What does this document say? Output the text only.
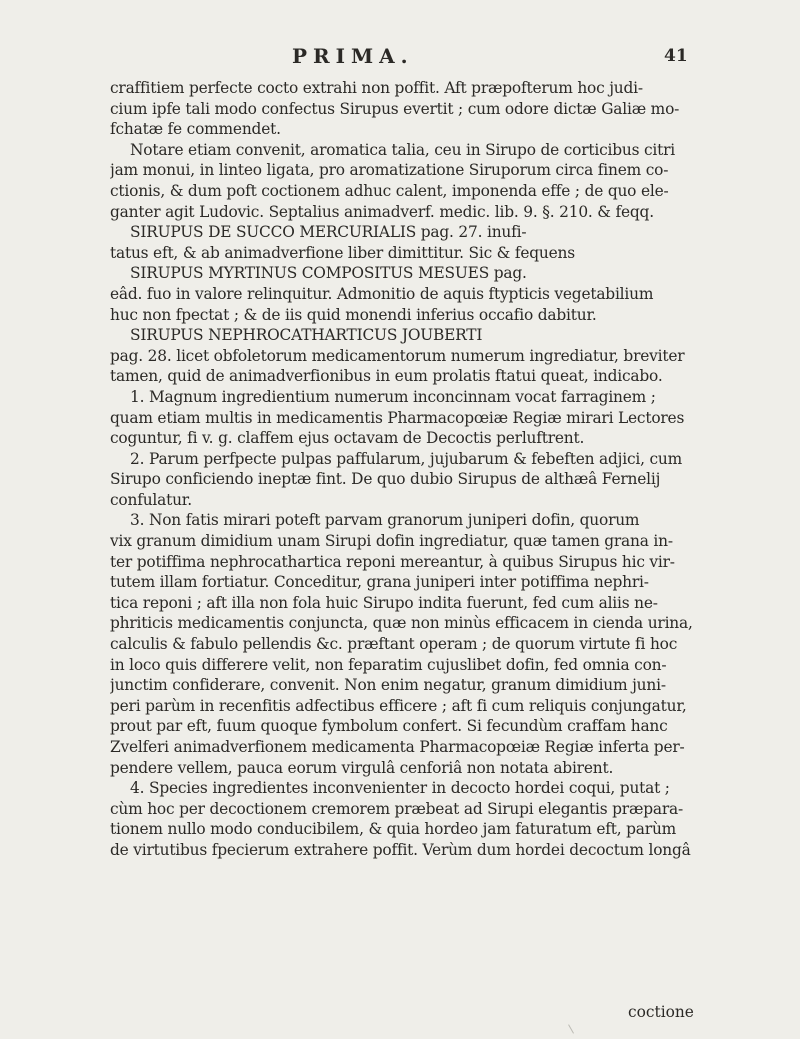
PRIMA.	41
craffitiem perfecte cocto extrahi non poffit. Aft præpofterum hoc judi-
cium ipfe tali modo confectus Sirupus evertit ; cum odore dictæ Galiæ mo-
fchatæ fe commendet.
Notare etiam convenit, aromatica talia, ceu in Sirupo de corticibus citri
jam monui, in linteo ligata, pro aromatizatione Siruporum circa finem co-
ctionis, & dum poft coctionem adhuc calent, imponenda effe ; de quo ele-
ganter agit Ludovic. Septalius animadverf. medic. lib. 9. §. 210. & feqq.
SIRUPUS DE SUCCO MERCURIALIS pag. 27. inufi-
tatus eft, & ab animadverfione liber dimittitur. Sic & fequens
SIRUPUS MYRTINUS COMPOSITUS MESUES pag.
eâd. fuo in valore relinquitur. Admonitio de aquis ftypticis vegetabilium
huc non fpectat ; & de iis quid monendi inferius occafio dabitur.
SIRUPUS NEPHROCATHARTICUS JOUBERTI
pag. 28. licet obfoletorum medicamentorum numerum ingrediatur, breviter
tamen, quid de animadverfionibus in eum prolatis ftatui queat, indicabo.
1. Magnum ingredientium numerum inconcinnam vocat farraginem ;
quam etiam multis in medicamentis Pharmacopœiæ Regiæ mirari Lectores
coguntur, fi v. g. claffem ejus octavam de Decoctis perluftrent.
2. Parum perfpecte pulpas paffularum, jujubarum & febeften adjici, cum
Sirupo conficiendo ineptæ fint. De quo dubio Sirupus de althæâ Fernelij
confulatur.
3. Non fatis mirari poteft parvam granorum juniperi dofin, quorum
vix granum dimidium unam Sirupi dofin ingrediatur, quæ tamen grana in-
ter potiffima nephrocathartica reponi mereantur, à quibus Sirupus hic vir-
tutem illam fortiatur. Conceditur, grana juniperi inter potiffima nephri-
tica reponi ; aft illa non fola huic Sirupo indita fuerunt, fed cum aliis ne-
phriticis medicamentis conjuncta, quæ non minùs efficacem in cienda urina,
calculis & fabulo pellendis &c. præftant operam ; de quorum virtute fi hoc
in loco quis differere velit, non feparatim cujuslibet dofin, fed omnia con-
junctim confiderare, convenit. Non enim negatur, granum dimidium juni-
peri parùm in recenfitis adfectibus efficere ; aft fi cum reliquis conjungatur,
prout par eft, fuum quoque fymbolum confert. Si fecundùm craffam hanc
Zvelferi animadverfionem medicamenta Pharmacopœiæ Regiæ inferta per-
pendere vellem, pauca eorum virgulâ cenforiâ non notata abirent.
4. Species ingredientes inconvenienter in decocto hordei coqui, putat ;
cùm hoc per decoctionem cremorem præbeat ad Sirupi elegantis præpara-
tionem nullo modo conducibilem, & quia hordeo jam faturatum eft, parùm
de virtutibus fpecierum extrahere poffit. Verùm dum hordei decoctum longâ
coctione
